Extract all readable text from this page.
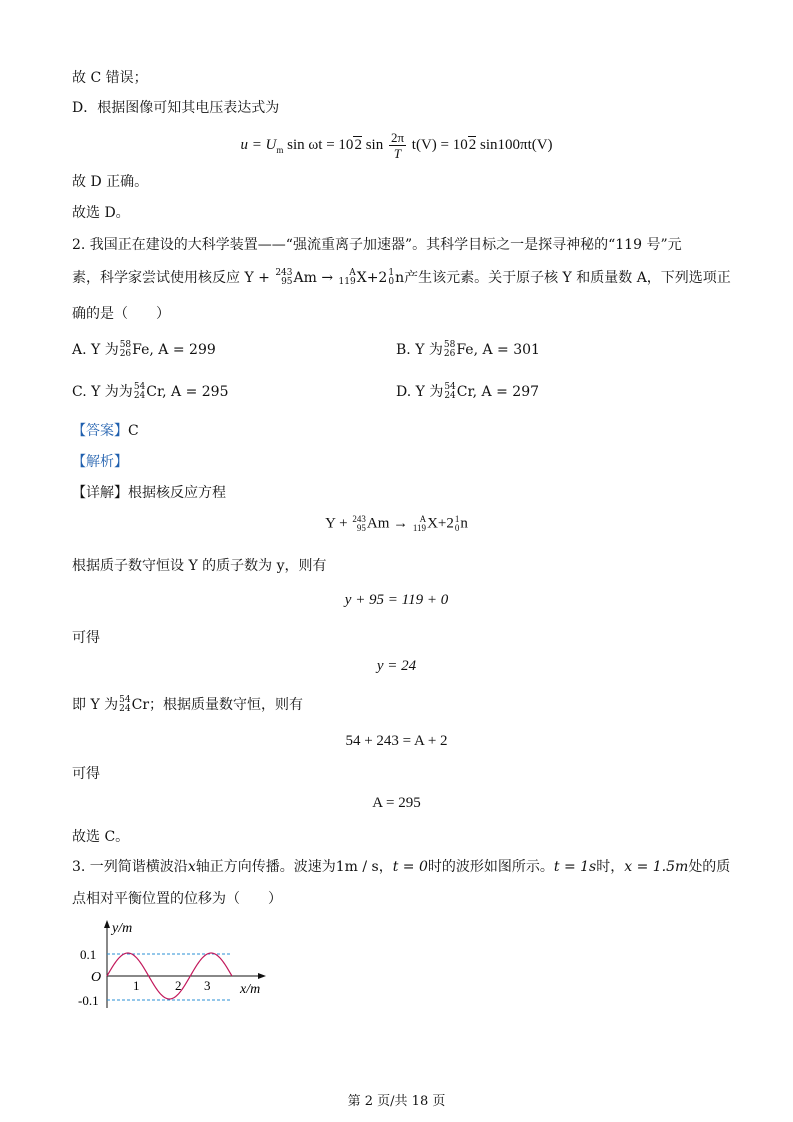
故 C 错误；
D．根据图像可知其电压表达式为
$u = U_m$ sin ωt = 102 $\sin \frac{2\pi}{T} t(V) = 102$ sin100πt(V)
故 D 正确。
故选 D。
2. 我国正在建设的大科学装置——“强流重离子加速器”。其科学目标之一是探寻神秘的“119 号”元
素，科学家尝试使用核反应 Y + 243
95 Am →	A
119 X+2 1
0 n产生该元素。关于原子核 Y 和质量数 A，下列选项正
确的是（　　）
A. Y 为 58
26 Fe, A = 299	B. Y 为 58
26 Fe, A = 301
C. Y 为为 54
24 Cr, A = 295	D. Y 为 54
24 Cr, A = 297
【答案】C
【解析】
【详解】根据核反应方程
Y + 243
95 Am →	A
119 X+2 1
0 n
根据质子数守恒设 Y 的质子数为 y，则有
y + 95 = 119 + 0
可得
y = 24
即 Y 为 54
24 Cr；根据质量数守恒，则有
54 + 243 = A + 2
可得
A = 295
故选 C。
3. 一列简谐横波沿x轴正方向传播。波速为1m / s，t = 0时的波形如图所示。t = 1s时，x = 1.5m处的质
点相对平衡位置的位移为（　　）
y/m
0.1
O
-0.1
1	2 3 x/m
第 2 页/共 18 页
